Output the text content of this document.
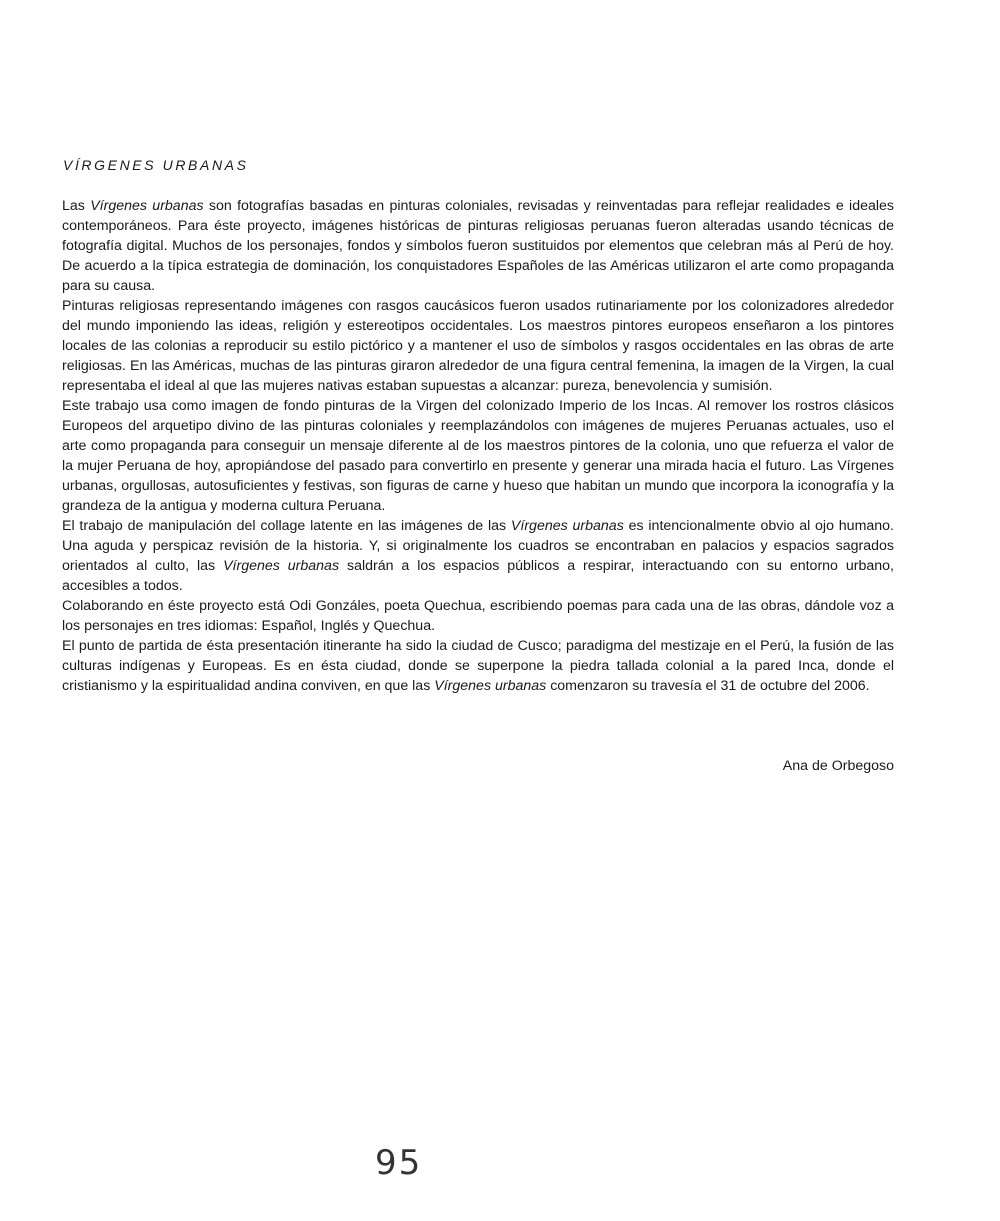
VÍRGENES URBANAS

Las Vírgenes urbanas son fotografías basadas en pinturas coloniales, revisadas y reinventadas para reflejar realidades e ideales contemporáneos. Para éste proyecto, imágenes históricas de pinturas religiosas peruanas fueron alteradas usando técnicas de fotografía digital. Muchos de los personajes, fondos y símbolos fueron sustituidos por elementos que celebran más al Perú de hoy. De acuerdo a la típica estrategia de dominación, los conquistadores Españoles de las Américas utilizaron el arte como propaganda para su causa.

Pinturas religiosas representando imágenes con rasgos caucásicos fueron usados rutinariamente por los colonizadores alrededor del mundo imponiendo las ideas, religión y estereotipos occidentales. Los maestros pintores europeos enseñaron a los pintores locales de las colonias a reproducir su estilo pictórico y a mantener el uso de símbolos y rasgos occidentales en las obras de arte religiosas. En las Américas, muchas de las pinturas giraron alrededor de una figura central femenina, la imagen de la Virgen, la cual representaba el ideal al que las mujeres nativas estaban supuestas a alcanzar: pureza, benevolencia y sumisión.

Este trabajo usa como imagen de fondo pinturas de la Virgen del colonizado Imperio de los Incas. Al remover los rostros clásicos Europeos del arquetipo divino de las pinturas coloniales y reemplazándolos con imágenes de mujeres Peruanas actuales, uso el arte como propaganda para conseguir un mensaje diferente al de los maestros pintores de la colonia, uno que refuerza el valor de la mujer Peruana de hoy, apropiándose del pasado para convertirlo en presente y generar una mirada hacia el futuro. Las Vírgenes urbanas, orgullosas, autosuficientes y festivas, son figuras de carne y hueso que habitan un mundo que incorpora la iconografía y la grandeza de la antigua y moderna cultura Peruana.

El trabajo de manipulación del collage latente en las imágenes de las Vírgenes urbanas es intencionalmente obvio al ojo humano. Una aguda y perspicaz revisión de la historia. Y, si originalmente los cuadros se encontraban en palacios y espacios sagrados orientados al culto, las Vírgenes urbanas saldrán a los espacios públicos a respirar, interactuando con su entorno urbano, accesibles a todos.

Colaborando en éste proyecto está Odi Gonzáles, poeta Quechua, escribiendo poemas para cada una de las obras, dándole voz a los personajes en tres idiomas: Español, Inglés y Quechua.

El punto de partida de ésta presentación itinerante ha sido la ciudad de Cusco; paradigma del mestizaje en el Perú, la fusión de las culturas indígenas y Europeas. Es en ésta ciudad, donde se superpone la piedra tallada colonial a la pared Inca, donde el cristianismo y la espiritualidad andina conviven, en que las Vírgenes urbanas comenzaron su travesía el 31 de octubre del 2006.

Ana de Orbegoso
95
